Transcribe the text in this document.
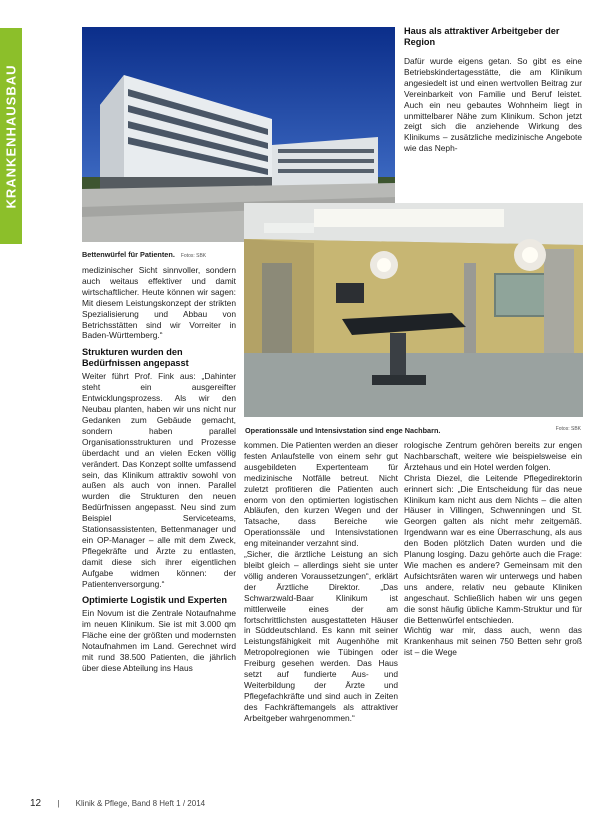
KRANKENHAUSBAU
Haus als attraktiver Arbeitgeber der Region

Dafür wurde eigens getan. So gibt es eine Betriebskindertagesstätte, die am Klinikum angesiedelt ist und einen wertvollen Beitrag zur Vereinbarkeit von Familie und Beruf leistet. Auch ein neu gebautes Wohnheim liegt in unmittelbarer Nähe zum Klinikum. Schon jetzt zeigt sich die anziehende Wirkung des Klinikums – zusätzliche medizinische Angebote wie das Neph-

Bettenwürfel für Patienten. Fotos: SBK
Operationssäle und Intensivstation sind enge Nachbarn.	Fotos: SBK

medizinischer Sicht sinnvoller, sondern auch weitaus effektiver und damit wirtschaftlicher. Heute können wir sagen: Mit diesem Leistungskonzept der strikten Spezialisierung und Abbau von Betrichsstätten sind wir Vorreiter in Baden-Württemberg.“

Strukturen wurden den Bedürfnissen angepasst

Weiter führt Prof. Fink aus: „Dahinter steht ein ausgereifter Entwicklungsprozess. Als wir den Neubau planten, haben wir uns nicht nur Gedanken zum Gebäude gemacht, sondern haben parallel Organisationsstrukturen und Prozesse überdacht und an vielen Ecken völlig verändert. Das Konzept sollte umfassend sein, das Klinikum attraktiv sowohl von außen als auch von innen. Parallel wurden die Strukturen den neuen Bedürfnissen angepasst. Neu sind zum Beispiel Serviceteams, Stationsassistenten, Bettenmanager und ein OP-Manager – alle mit dem Zweck, Pflegekräfte und Ärzte zu entlasten, damit diese sich ihrer eigentlichen Aufgabe widmen können: der Patientenversorgung.“

Optimierte Logistik und Experten

Ein Novum ist die Zentrale Notaufnahme im neuen Klinikum. Sie ist mit 3.000 qm Fläche eine der größten und modernsten Notaufnahmen im Land. Gerechnet wird mit rund 38.500 Patienten, die jährlich über diese Abteilung ins Haus

kommen. Die Patienten werden an dieser festen Anlaufstelle von einem sehr gut ausgebildeten Expertenteam für medizinische Notfälle betreut. Nicht zuletzt profitieren die Patienten auch enorm von den optimierten logistischen Abläufen, den kurzen Wegen und der Tatsache, dass Bereiche wie Operationssäle und Intensivstationen eng miteinander verzahnt sind.

„Sicher, die ärztliche Leistung an sich bleibt gleich – allerdings sieht sie unter völlig anderen Voraussetzungen“, erklärt der Ärztliche Direktor. „Das Schwarzwald-Baar Klinikum ist mittlerweile eines der am fortschrittlichsten ausgestatteten Häuser in Süddeutschland. Es kann mit seiner Leistungsfähigkeit mit Augenhöhe mit Metropolregionen wie Tübingen oder Freiburg gesehen werden. Das Haus setzt auf fundierte Aus- und Weiterbildung der Ärzte und Pflegefachkräfte und sind auch in Zeiten des Fachkräftemangels als attraktiver Arbeitgeber wahrgenommen.“

rologische Zentrum gehören bereits zur engen Nachbarschaft, weitere wie beispielsweise ein Ärztehaus und ein Hotel werden folgen.

Christa Diezel, die Leitende Pflegedirektorin erinnert sich: „Die Entscheidung für das neue Klinikum kam nicht aus dem Nichts – die alten Häuser in Villingen, Schwenningen und St. Georgen galten als nicht mehr zeitgemäß. Irgendwann war es eine Überraschung, als aus den Boden plötzlich Daten wurden und die Planung losging. Dazu gehörte auch die Frage: Wie machen es andere? Gemeinsam mit den Aufsichtsräten waren wir unterwegs und haben uns andere, relativ neu gebaute Kliniken angeschaut. Schließlich haben wir uns gegen die sonst häufig übliche Kamm-Struktur und für die Bettenwürfel entschieden.

Wichtig war mir, dass auch, wenn das Krankenhaus mit seinen 750 Betten sehr groß ist – die Wege

12 | Klinik & Pflege, Band 8 Heft 1 / 2014
